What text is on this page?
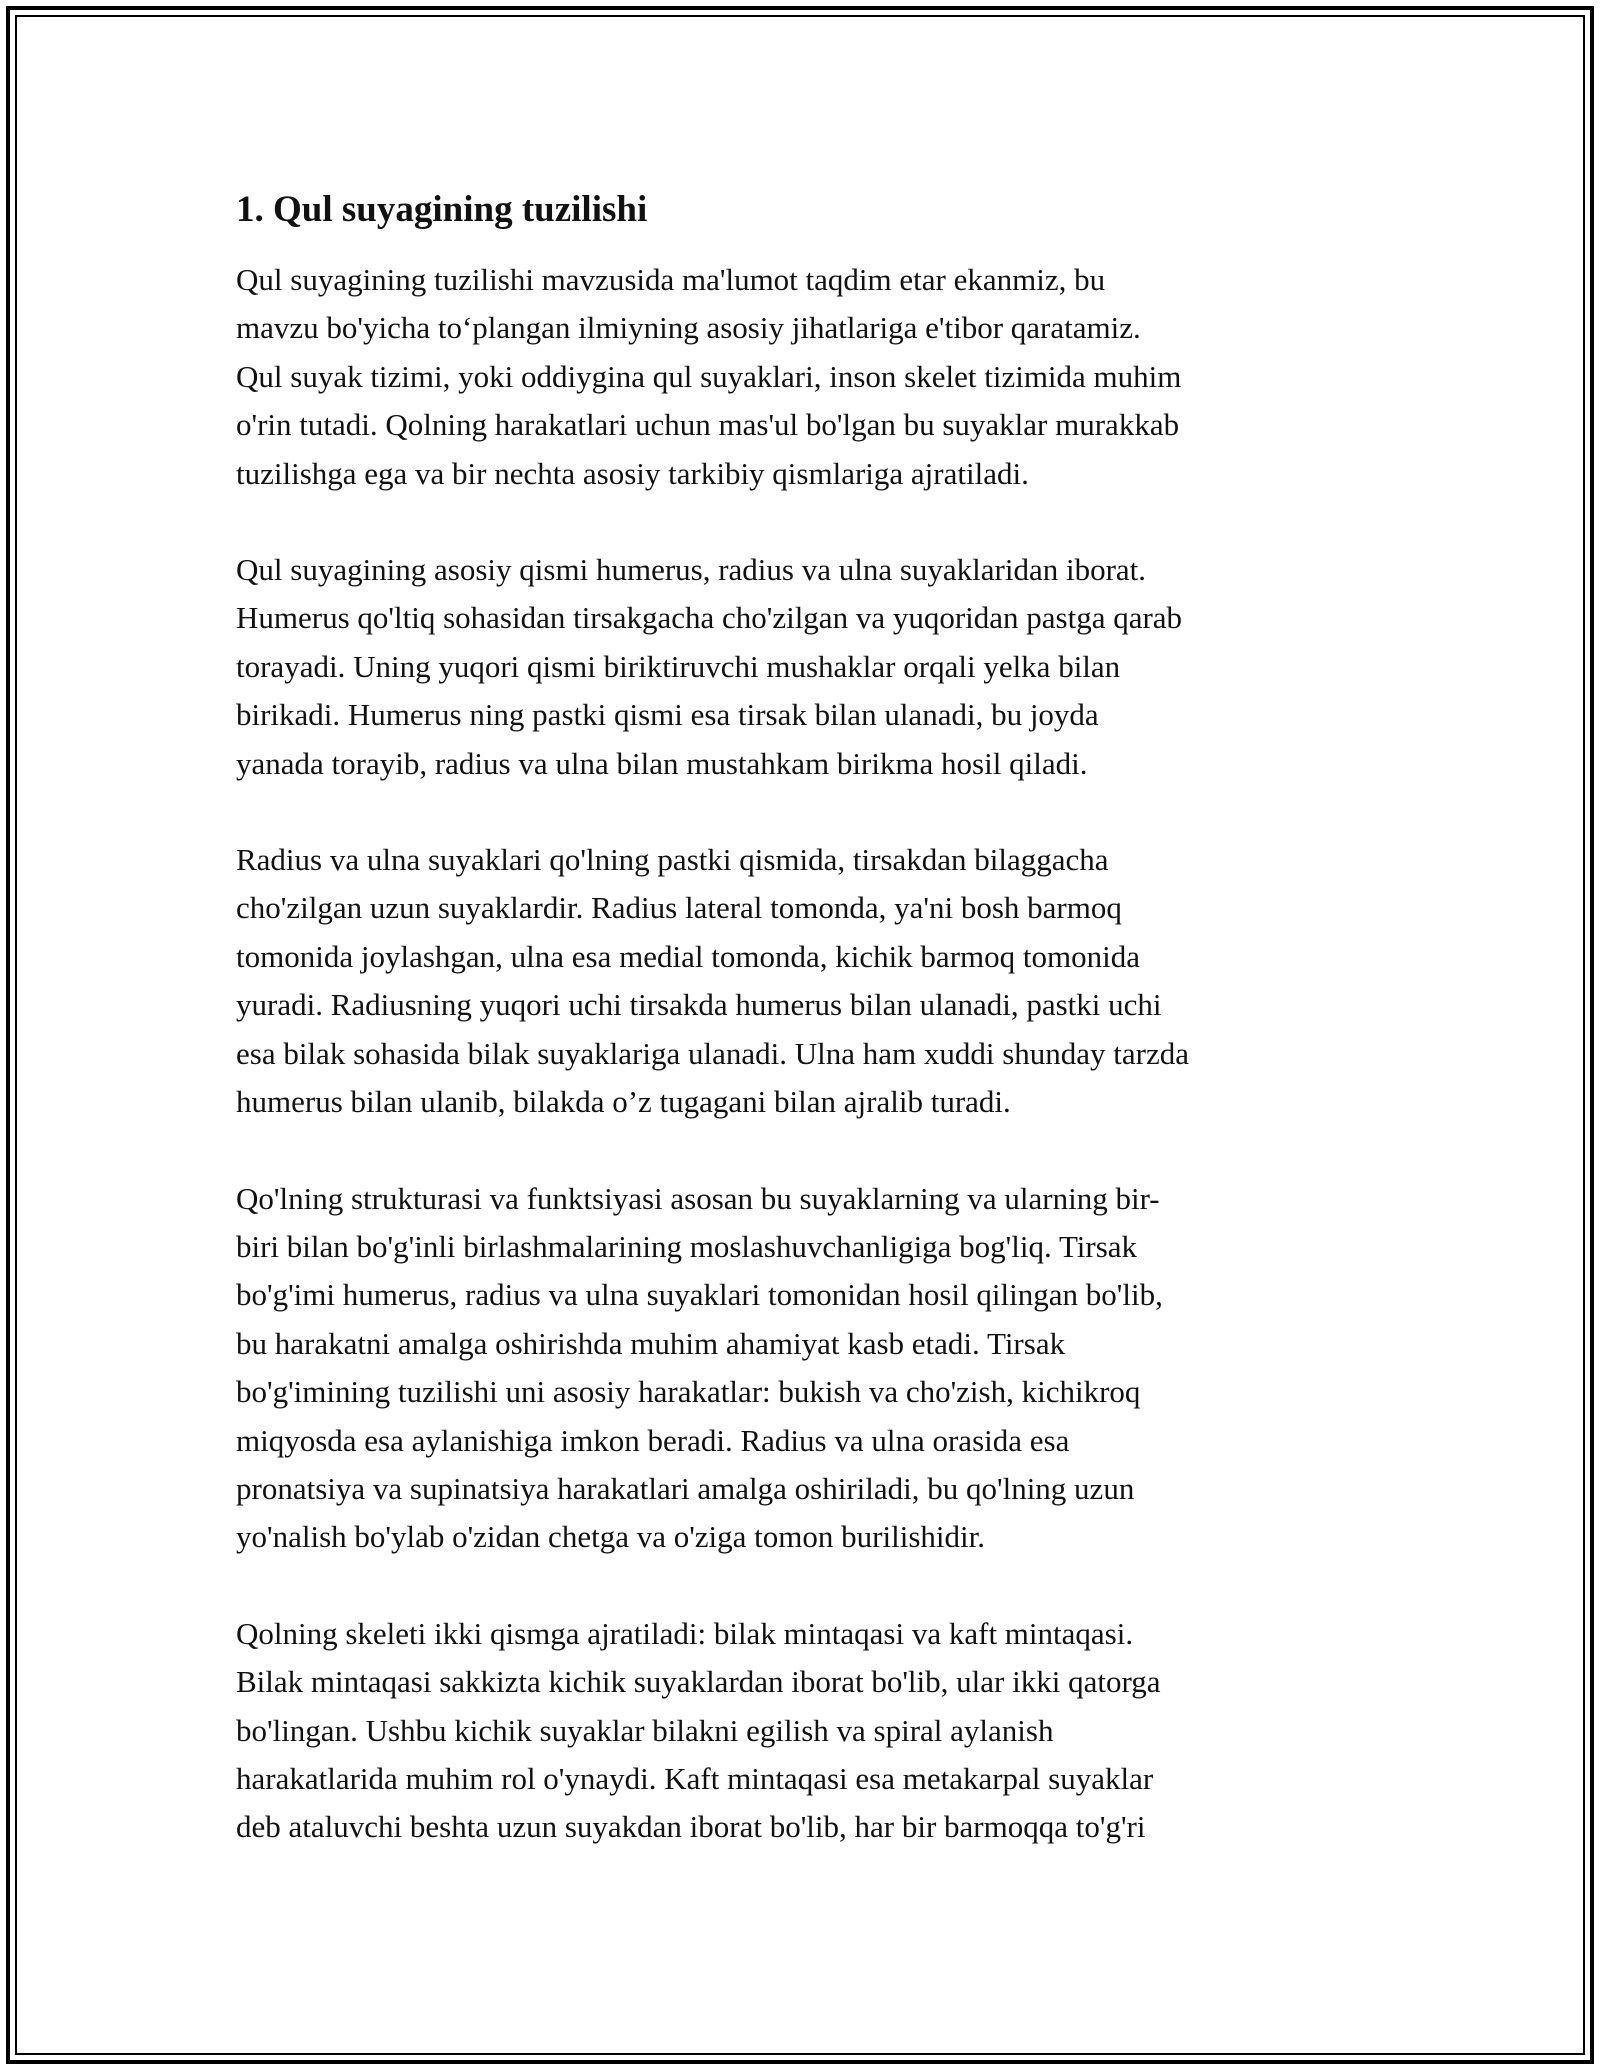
1. Qul suyagining tuzilishi

Qul suyagining tuzilishi mavzusida ma'lumot taqdim etar ekanmiz, bu
mavzu bo'yicha to‘plangan ilmiyning asosiy jihatlariga e'tibor qaratamiz.
Qul suyak tizimi, yoki oddiygina qul suyaklari, inson skelet tizimida muhim
o'rin tutadi. Qolning harakatlari uchun mas'ul bo'lgan bu suyaklar murakkab
tuzilishga ega va bir nechta asosiy tarkibiy qismlariga ajratiladi.

Qul suyagining asosiy qismi humerus, radius va ulna suyaklaridan iborat.
Humerus qo'ltiq sohasidan tirsakgacha cho'zilgan va yuqoridan pastga qarab
torayadi. Uning yuqori qismi biriktiruvchi mushaklar orqali yelka bilan
birikadi. Humerus ning pastki qismi esa tirsak bilan ulanadi, bu joyda
yanada torayib, radius va ulna bilan mustahkam birikma hosil qiladi.

Radius va ulna suyaklari qo'lning pastki qismida, tirsakdan bilaggacha
cho'zilgan uzun suyaklardir. Radius lateral tomonda, ya'ni bosh barmoq
tomonida joylashgan, ulna esa medial tomonda, kichik barmoq tomonida
yuradi. Radiusning yuqori uchi tirsakda humerus bilan ulanadi, pastki uchi
esa bilak sohasida bilak suyaklariga ulanadi. Ulna ham xuddi shunday tarzda
humerus bilan ulanib, bilakda o’z tugagani bilan ajralib turadi.

Qo'lning strukturasi va funktsiyasi asosan bu suyaklarning va ularning bir-
biri bilan bo'g'inli birlashmalarining moslashuvchanligiga bog'liq. Tirsak
bo'g'imi humerus, radius va ulna suyaklari tomonidan hosil qilingan bo'lib,
bu harakatni amalga oshirishda muhim ahamiyat kasb etadi. Tirsak
bo'g'imining tuzilishi uni asosiy harakatlar: bukish va cho'zish, kichikroq
miqyosda esa aylanishiga imkon beradi. Radius va ulna orasida esa
pronatsiya va supinatsiya harakatlari amalga oshiriladi, bu qo'lning uzun
yo'nalish bo'ylab o'zidan chetga va o'ziga tomon burilishidir.

Qolning skeleti ikki qismga ajratiladi: bilak mintaqasi va kaft mintaqasi.
Bilak mintaqasi sakkizta kichik suyaklardan iborat bo'lib, ular ikki qatorga
bo'lingan. Ushbu kichik suyaklar bilakni egilish va spiral aylanish
harakatlarida muhim rol o'ynaydi. Kaft mintaqasi esa metakarpal suyaklar
deb ataluvchi beshta uzun suyakdan iborat bo'lib, har bir barmoqqa to'g'ri
